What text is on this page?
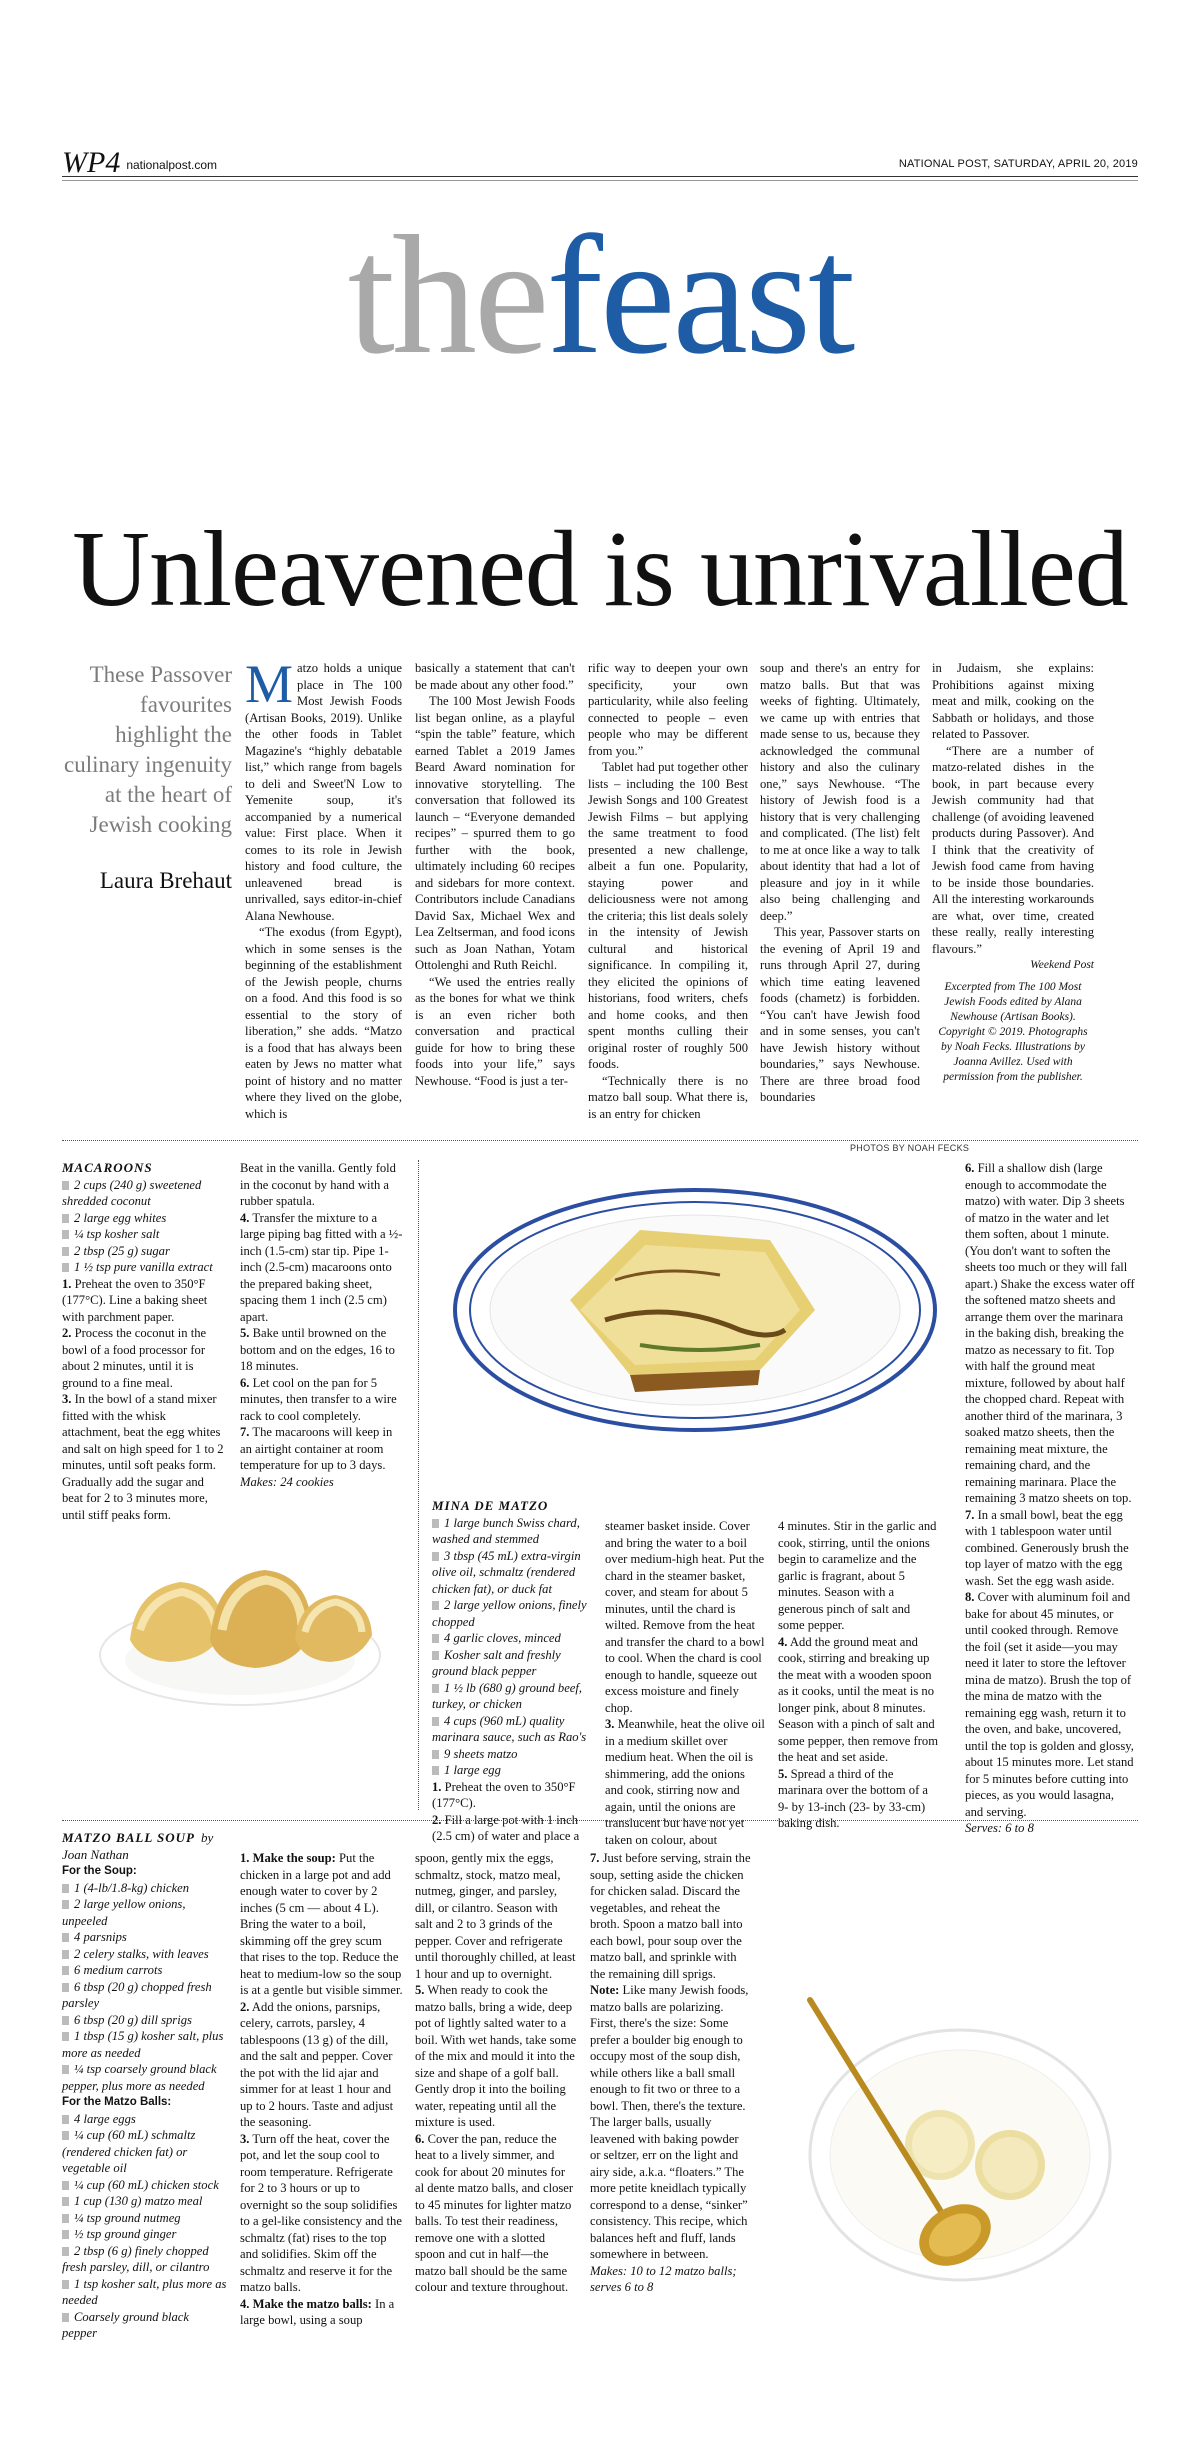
WP4 nationalpost.com	NATIONAL POST, SATURDAY, APRIL 20, 2019
thefeast
Unleavened is unrivalled
These Passover favourites highlight the culinary ingenuity at the heart of Jewish cooking
Laura Brehaut
M atzo holds a unique place in The 100 Most Jewish Foods (Artisan Books, 2019). Unlike the other foods in Tablet Magazine's “highly debatable list,” which range from bagels to deli and Sweet'N Low to Yemenite soup, it's accompanied by a numerical value: First place. When it comes to its role in Jewish history and food culture, the unleavened bread is unrivalled, says editor-in-chief Alana Newhouse.

“The exodus (from Egypt), which in some senses is the beginning of the establishment of the Jewish people, churns on a food. And this food is so essential to the story of liberation,” she adds. “Matzo is a food that has always been eaten by Jews no matter what point of history and no matter where they lived on the globe, which is

basically a statement that can't be made about any other food.”

The 100 Most Jewish Foods list began online, as a playful “spin the table” feature, which earned Tablet a 2019 James Beard Award nomination for innovative storytelling. The conversation that followed its launch – “Everyone demanded recipes” – spurred them to go further with the book, ultimately including 60 recipes and sidebars for more context. Contributors include Canadians David Sax, Michael Wex and Lea Zeltserman, and food icons such as Joan Nathan, Yotam Ottolenghi and Ruth Reichl.

“We used the entries really as the bones for what we think is an even richer both conversation and practical guide for how to bring these foods into your life,” says Newhouse. “Food is just a ter-

rific way to deepen your own specificity, your own particularity, while also feeling connected to people – even people who may be different from you.”

Tablet had put together other lists – including the 100 Best Jewish Songs and 100 Greatest Jewish Films – but applying the same treatment to food presented a new challenge, albeit a fun one. Popularity, staying power and deliciousness were not among the criteria; this list deals solely in the intensity of Jewish cultural and historical significance. In compiling it, they elicited the opinions of historians, food writers, chefs and home cooks, and then spent months culling their original roster of roughly 500 foods.

“Technically there is no matzo ball soup. What there is, is an entry for chicken

soup and there's an entry for matzo balls. But that was weeks of fighting. Ultimately, we came up with entries that made sense to us, because they acknowledged the communal history and also the culinary one,” says Newhouse. “The history of Jewish food is a history that is very challenging and complicated. (The list) felt to me at once like a way to talk about identity that had a lot of pleasure and joy in it while also being challenging and deep.”

This year, Passover starts on the evening of April 19 and runs through April 27, during which time eating leavened foods (chametz) is forbidden. “You can't have Jewish food and in some senses, you can't have Jewish history without boundaries,” says Newhouse. There are three broad food boundaries

in Judaism, she explains: Prohibitions against mixing meat and milk, cooking on the Sabbath or holidays, and those related to Passover.

“There are a number of matzo-related dishes in the book, in part because every Jewish community had that challenge (of avoiding leavened products during Passover). And I think that the creativity of Jewish food came from having to be inside those boundaries. All the interesting workarounds are what, over time, created these really, really interesting flavours.”

Weekend Post
Excerpted from The 100 Most Jewish Foods edited by Alana Newhouse (Artisan Books). Copyright © 2019. Photographs by Noah Fecks. Illustrations by Joanna Avillez. Used with permission from the publisher.
PHOTOS BY NOAH FECKS
MACAROONS
2 cups (240 g) sweetened shredded coconut
2 large egg whites
¼ tsp kosher salt
2 tbsp (25 g) sugar
1 ½ tsp pure vanilla extract
1. Preheat the oven to 350°F (177°C). Line a baking sheet with parchment paper.
2. Process the coconut in the bowl of a food processor for about 2 minutes, until it is ground to a fine meal.
3. In the bowl of a stand mixer fitted with the whisk attachment, beat the egg whites and salt on high speed for 1 to 2 minutes, until soft peaks form. Gradually add the sugar and beat for 2 to 3 minutes more, until stiff peaks form.
Beat in the vanilla. Gently fold in the coconut by hand with a rubber spatula.
4. Transfer the mixture to a large piping bag fitted with a ½-inch (1.5-cm) star tip. Pipe 1-inch (2.5-cm) macaroons onto the prepared baking sheet, spacing them 1 inch (2.5 cm) apart.
5. Bake until browned on the bottom and on the edges, 16 to 18 minutes.
6. Let cool on the pan for 5 minutes, then transfer to a wire rack to cool completely.
7. The macaroons will keep in an airtight container at room temperature for up to 3 days.
Makes: 24 cookies
MINA DE MATZO
1 large bunch Swiss chard, washed and stemmed
3 tbsp (45 mL) extra-virgin olive oil, schmaltz (rendered chicken fat), or duck fat
2 large yellow onions, finely chopped
4 garlic cloves, minced
Kosher salt and freshly ground black pepper
1 ½ lb (680 g) ground beef, turkey, or chicken
4 cups (960 mL) quality marinara sauce, such as Rao's
9 sheets matzo
1 large egg
1. Preheat the oven to 350°F (177°C).
2. Fill a large pot with 1 inch (2.5 cm) of water and place a
steamer basket inside. Cover and bring the water to a boil over medium-high heat. Put the chard in the steamer basket, cover, and steam for about 5 minutes, until the chard is wilted. Remove from the heat and transfer the chard to a bowl to cool. When the chard is cool enough to handle, squeeze out excess moisture and finely chop.
3. Meanwhile, heat the olive oil in a medium skillet over medium heat. When the oil is shimmering, add the onions and cook, stirring now and again, until the onions are translucent but have not yet taken on colour, about
4 minutes. Stir in the garlic and cook, stirring, until the onions begin to caramelize and the garlic is fragrant, about 5 minutes. Season with a generous pinch of salt and some pepper.
4. Add the ground meat and cook, stirring and breaking up the meat with a wooden spoon as it cooks, until the meat is no longer pink, about 8 minutes. Season with a pinch of salt and some pepper, then remove from the heat and set aside.
5. Spread a third of the marinara over the bottom of a 9- by 13-inch (23- by 33-cm) baking dish.
6. Fill a shallow dish (large enough to accommodate the matzo) with water. Dip 3 sheets of matzo in the water and let them soften, about 1 minute. (You don't want to soften the sheets too much or they will fall apart.) Shake the excess water off the softened matzo sheets and arrange them over the marinara in the baking dish, breaking the matzo as necessary to fit. Top with half the ground meat mixture, followed by about half the chopped chard. Repeat with another third of the marinara, 3 soaked matzo sheets, then the remaining meat mixture, the remaining chard, and the remaining marinara. Place the remaining 3 matzo sheets on top.
7. In a small bowl, beat the egg with 1 tablespoon water until combined. Generously brush the top layer of matzo with the egg wash. Set the egg wash aside.
8. Cover with aluminum foil and bake for about 45 minutes, or until cooked through. Remove the foil (set it aside—you may need it later to store the leftover mina de matzo). Brush the top of the mina de matzo with the remaining egg wash, return it to the oven, and bake, uncovered, until the top is golden and glossy, about 15 minutes more. Let stand for 5 minutes before cutting into pieces, as you would lasagna, and serving.
Serves: 6 to 8
MATZO BALL SOUP by Joan Nathan
For the Soup:
1 (4-lb/1.8-kg) chicken
2 large yellow onions, unpeeled
4 parsnips
2 celery stalks, with leaves
6 medium carrots
6 tbsp (20 g) chopped fresh parsley
6 tbsp (20 g) dill sprigs
1 tbsp (15 g) kosher salt, plus more as needed
¼ tsp coarsely ground black pepper, plus more as needed
For the Matzo Balls:
4 large eggs
¼ cup (60 mL) schmaltz (rendered chicken fat) or vegetable oil
¼ cup (60 mL) chicken stock
1 cup (130 g) matzo meal
¼ tsp ground nutmeg
½ tsp ground ginger
2 tbsp (6 g) finely chopped fresh parsley, dill, or cilantro
1 tsp kosher salt, plus more as needed
Coarsely ground black pepper
1. Make the soup: Put the chicken in a large pot and add enough water to cover by 2 inches (5 cm — about 4 L). Bring the water to a boil, skimming off the grey scum that rises to the top. Reduce the heat to medium-low so the soup is at a gentle but visible simmer.
2. Add the onions, parsnips, celery, carrots, parsley, 4 tablespoons (13 g) of the dill, and the salt and pepper. Cover the pot with the lid ajar and simmer for at least 1 hour and up to 2 hours. Taste and adjust the seasoning.
3. Turn off the heat, cover the pot, and let the soup cool to room temperature. Refrigerate for 2 to 3 hours or up to overnight so the soup solidifies to a gel-like consistency and the schmaltz (fat) rises to the top and solidifies. Skim off the schmaltz and reserve it for the matzo balls.
4. Make the matzo balls: In a large bowl, using a soup
spoon, gently mix the eggs, schmaltz, stock, matzo meal, nutmeg, ginger, and parsley, dill, or cilantro. Season with salt and 2 to 3 grinds of the pepper. Cover and refrigerate until thoroughly chilled, at least 1 hour and up to overnight.
5. When ready to cook the matzo balls, bring a wide, deep pot of lightly salted water to a boil. With wet hands, take some of the mix and mould it into the size and shape of a golf ball. Gently drop it into the boiling water, repeating until all the mixture is used.
6. Cover the pan, reduce the heat to a lively simmer, and cook for about 20 minutes for al dente matzo balls, and closer to 45 minutes for lighter matzo balls. To test their readiness, remove one with a slotted spoon and cut in half—the matzo ball should be the same colour and texture throughout.
7. Just before serving, strain the soup, setting aside the chicken for chicken salad. Discard the vegetables, and reheat the broth. Spoon a matzo ball into each bowl, pour soup over the matzo ball, and sprinkle with the remaining dill sprigs.
Note: Like many Jewish foods, matzo balls are polarizing. First, there's the size: Some prefer a boulder big enough to occupy most of the soup dish, while others like a ball small enough to fit two or three to a bowl. Then, there's the texture. The larger balls, usually leavened with baking powder or seltzer, err on the light and airy side, a.k.a. “floaters.” The more petite kneidlach typically correspond to a dense, “sinker” consistency. This recipe, which balances heft and fluff, lands somewhere in between.
Makes: 10 to 12 matzo balls; serves 6 to 8
